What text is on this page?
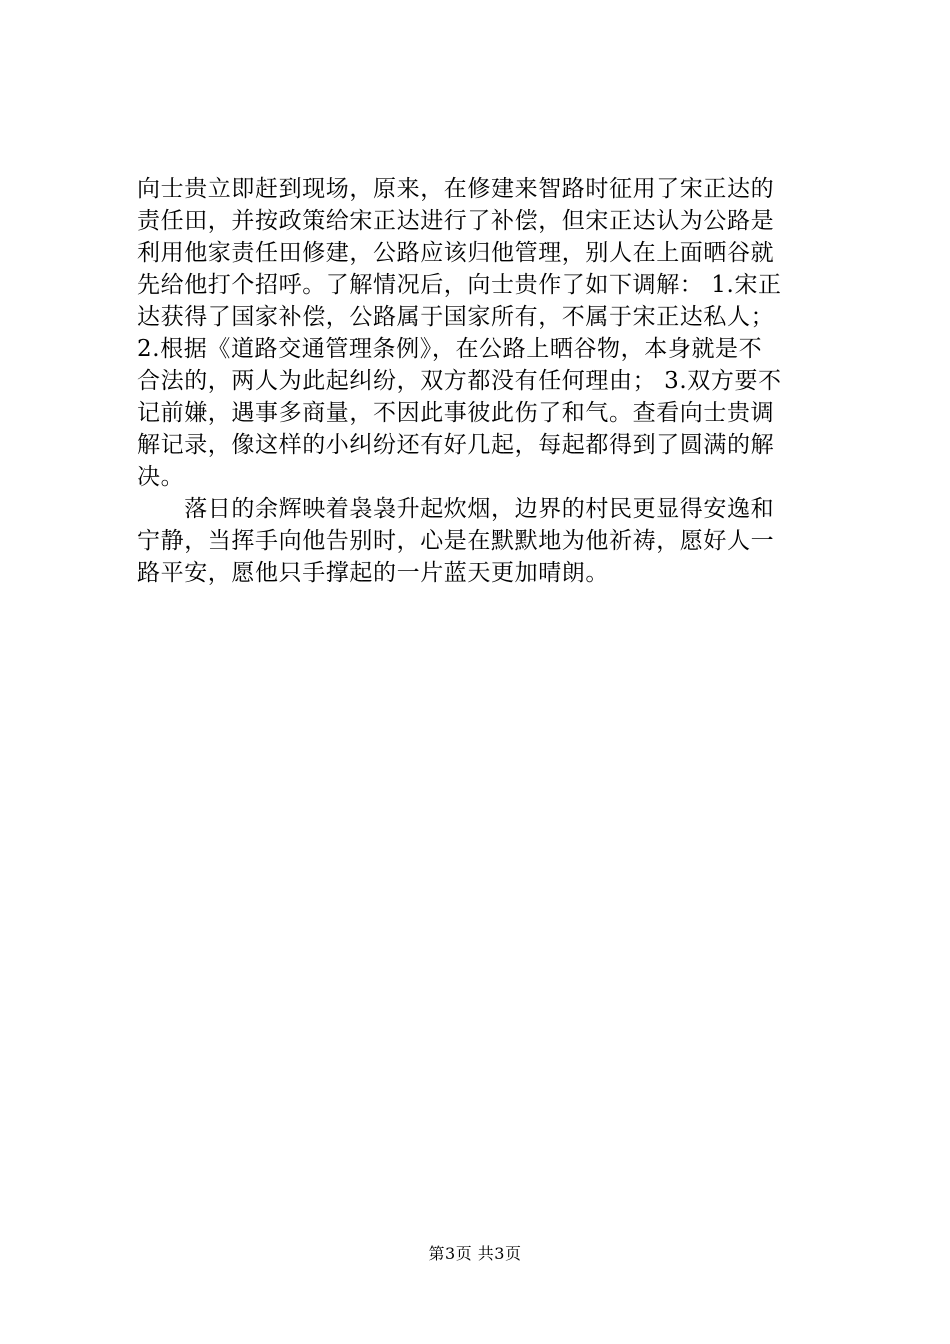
向士贵立即赶到现场，原来，在修建来智路时征用了宋正达的
责任田，并按政策给宋正达进行了补偿，但宋正达认为公路是
利用他家责任田修建，公路应该归他管理，别人在上面晒谷就
先给他打个招呼。了解情况后，向士贵作了如下调解： 1.宋正
达获得了国家补偿，公路属于国家所有，不属于宋正达私人；
2.根据《道路交通管理条例》，在公路上晒谷物，本身就是不
合法的，两人为此起纠纷，双方都没有任何理由； 3.双方要不
记前嫌，遇事多商量，不因此事彼此伤了和气。查看向士贵调
解记录，像这样的小纠纷还有好几起，每起都得到了圆满的解
决。
　　落日的余辉映着袅袅升起炊烟，边界的村民更显得安逸和
宁静，当挥手向他告别时，心是在默默地为他祈祷，愿好人一
路平安，愿他只手撑起的一片蓝天更加晴朗。
第3页 共3页
